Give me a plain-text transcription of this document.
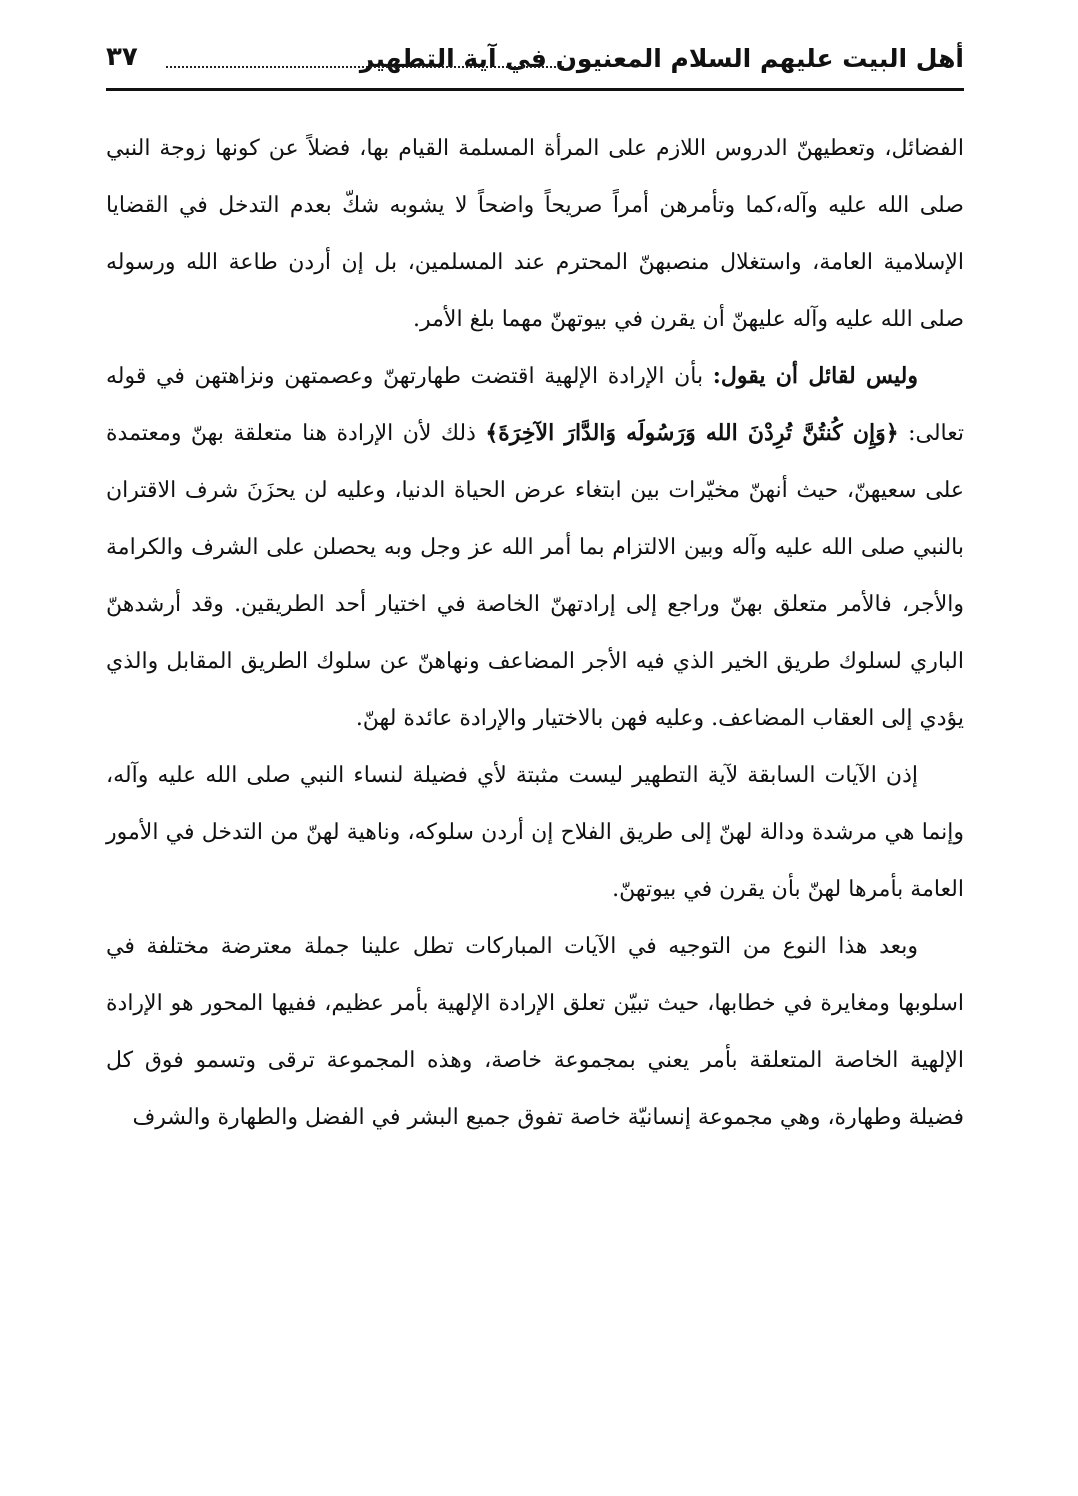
أهل البيت عليهم السلام المعنيون في آية التطهير
٣٧

الفضائل، وتعطيهنّ الدروس اللازم على المرأة المسلمة القيام بها، فضلاً عن كونها زوجة النبي صلى الله عليه وآله،كما وتأمرهن أمراً صريحاً واضحاً لا يشوبه شكّ بعدم التدخل في القضايا الإسلامية العامة، واستغلال منصبهنّ المحترم عند المسلمين، بل إن أردن طاعة الله ورسوله صلى الله عليه وآله عليهنّ أن يقرن في بيوتهنّ مهما بلغ الأمر.

وليس لقائل أن يقول: بأن الإرادة الإلهية اقتضت طهارتهنّ وعصمتهن ونزاهتهن في قوله تعالى: ﴿وَإِن كُنتُنَّ تُرِدْنَ الله وَرَسُولَه وَالدَّارَ الآخِرَةَ﴾ ذلك لأن الإرادة هنا متعلقة بهنّ ومعتمدة على سعيهنّ، حيث أنهنّ مخيّرات بين ابتغاء عرض الحياة الدنيا، وعليه لن يحزَنَ شرف الاقتران بالنبي صلى الله عليه وآله وبين الالتزام بما أمر الله عز وجل وبه يحصلن على الشرف والكرامة والأجر، فالأمر متعلق بهنّ وراجع إلى إرادتهنّ الخاصة في اختيار أحد الطريقين. وقد أرشدهنّ الباري لسلوك طريق الخير الذي فيه الأجر المضاعف ونهاهنّ عن سلوك الطريق المقابل والذي يؤدي إلى العقاب المضاعف. وعليه فهن بالاختيار والإرادة عائدة لهنّ.

إذن الآيات السابقة لآية التطهير ليست مثبتة لأي فضيلة لنساء النبي صلى الله عليه وآله، وإنما هي مرشدة ودالة لهنّ إلى طريق الفلاح إن أردن سلوكه، وناهية لهنّ من التدخل في الأمور العامة بأمرها لهنّ بأن يقرن في بيوتهنّ.

وبعد هذا النوع من التوجيه في الآيات المباركات تطل علينا جملة معترضة مختلفة في اسلوبها ومغايرة في خطابها، حيث تبيّن تعلق الإرادة الإلهية بأمر عظيم، ففيها المحور هو الإرادة الإلهية الخاصة المتعلقة بأمر يعني بمجموعة خاصة، وهذه المجموعة ترقى وتسمو فوق كل فضيلة وطهارة، وهي مجموعة إنسانيّة خاصة تفوق جميع البشر في الفضل والطهارة والشرف
